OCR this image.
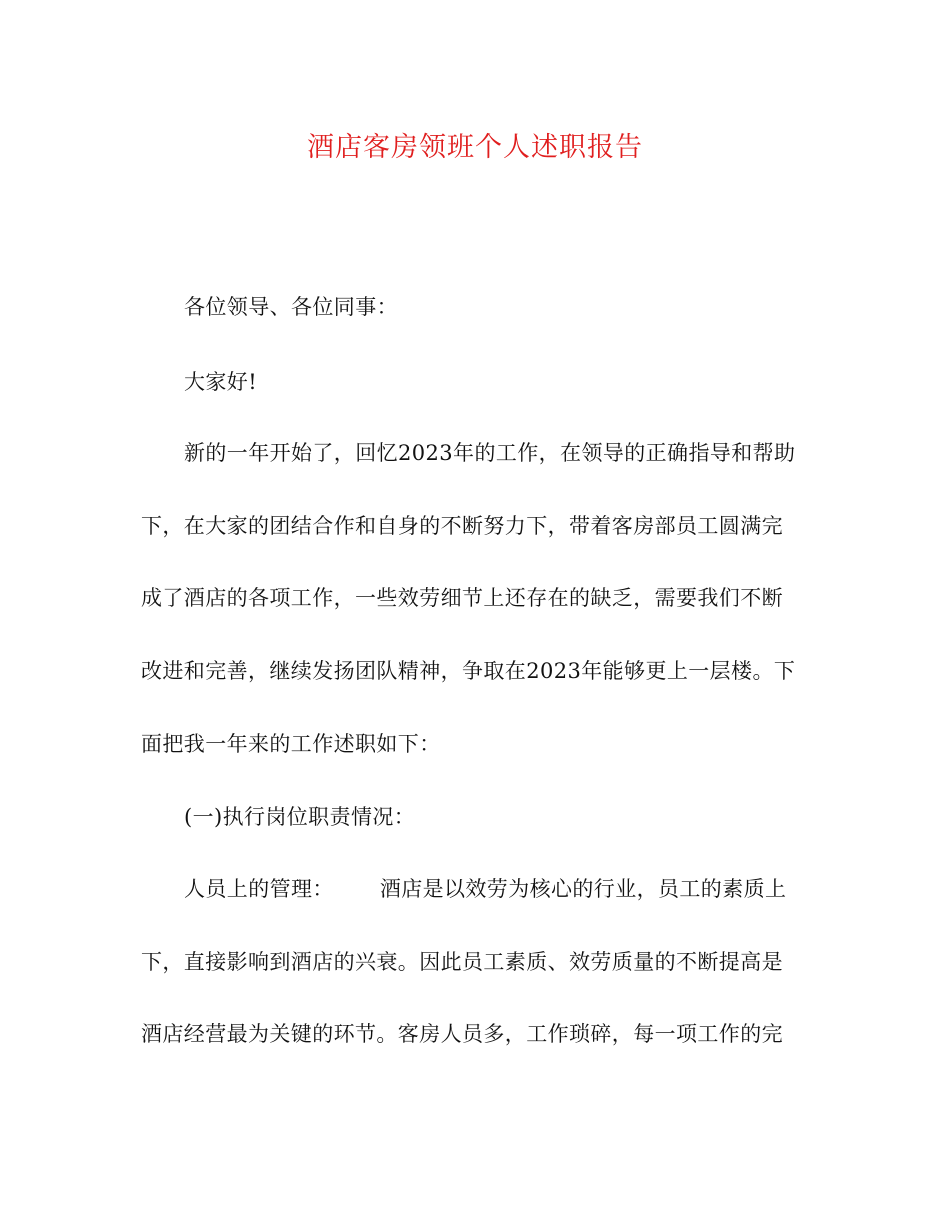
酒店客房领班个人述职报告
各位领导、各位同事：
大家好!
新的一年开始了，回忆2023年的工作，在领导的正确指导和帮助
下，在大家的团结合作和自身的不断努力下，带着客房部员工圆满完
成了酒店的各项工作，一些效劳细节上还存在的缺乏，需要我们不断
改进和完善，继续发扬团队精神，争取在2023年能够更上一层楼。下
面把我一年来的工作述职如下：
(一)执行岗位职责情况：
人员上的管理： 酒店是以效劳为核心的行业，员工的素质上
下，直接影响到酒店的兴衰。因此员工素质、效劳质量的不断提高是
酒店经营最为关键的环节。客房人员多，工作琐碎，每一项工作的完
